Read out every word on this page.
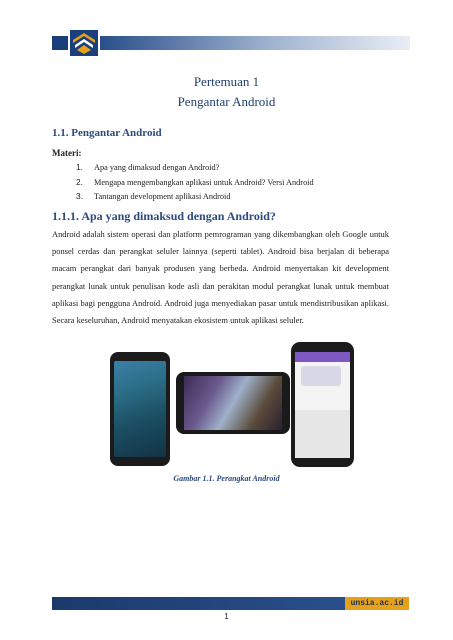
Pertemuan 1
Pengantar Android
1.1. Pengantar Android
Materi:
1. Apa yang dimaksud dengan Android?
2. Mengapa mengembangkan aplikasi untuk Android? Versi Android
3. Tantangan development aplikasi Android
1.1.1. Apa yang dimaksud dengan Android?
Android adalah sistem operasi dan platform pemrograman yang dikembangkan oleh Google untuk ponsel cerdas dan perangkat seluler lainnya (seperti tablet). Android bisa berjalan di beberapa macam perangkat dari banyak produsen yang berbeda. Android menyertakan kit development perangkat lunak untuk penulisan kode asli dan perakitan modul perangkat lunak untuk membuat aplikasi bagi pengguna Android. Android juga menyediakan pasar untuk mendistribusikan aplikasi. Secara keseluruhan, Android menyatakan ekosistem untuk aplikasi seluler.
Gambar 1.1. Perangkat Android
unsia.ac.id
1
